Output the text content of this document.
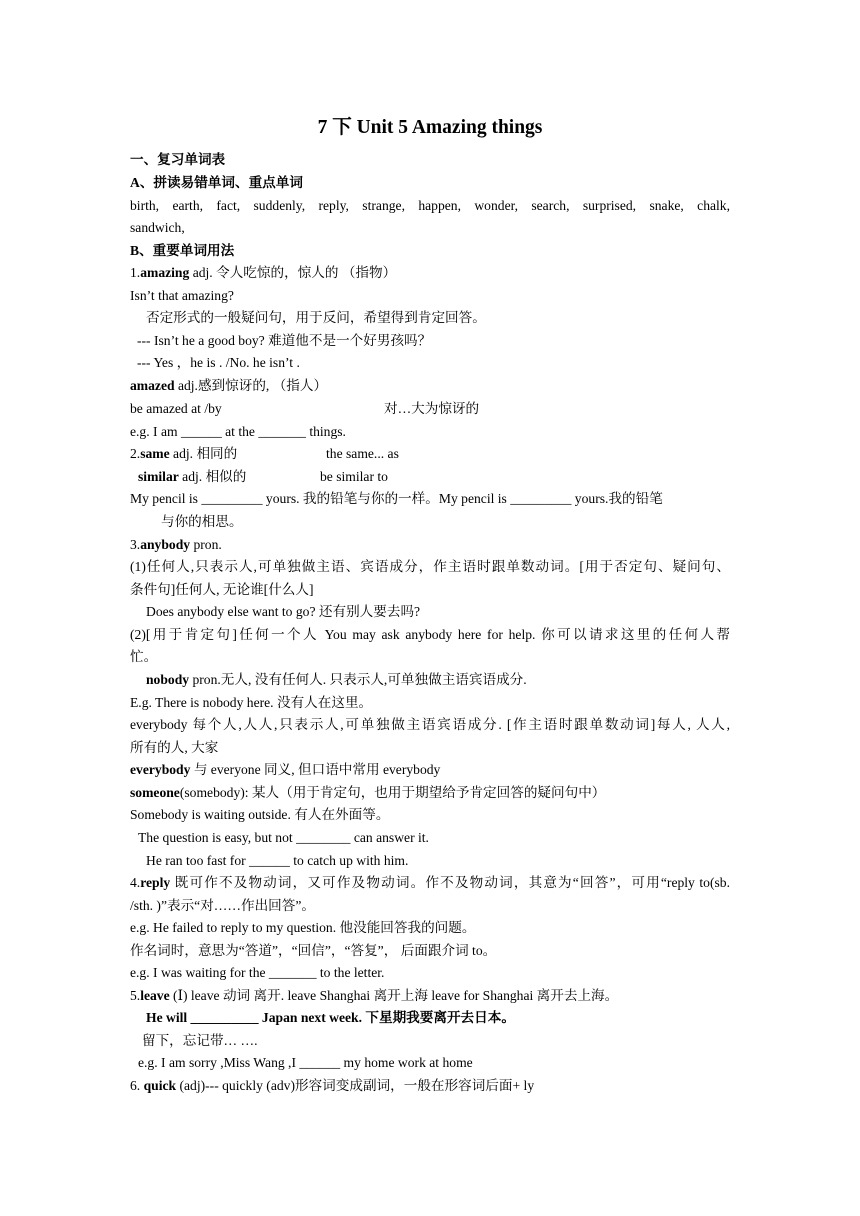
7 下 Unit 5 Amazing things
一、复习单词表
A、拼读易错单词、重点单词
birth, earth, fact, suddenly, reply, strange, happen, wonder, search, surprised, snake, chalk,
sandwich,
B、重要单词用法
1.amazing adj. 令人吃惊的，惊人的 （指物）
Isn’t that amazing?
否定形式的一般疑问句，用于反问，希望得到肯定回答。
--- Isn’t he a good boy? 难道他不是一个好男孩吗？
--- Yes ，he is . /No. he isn’t .
amazed adj.感到惊讶的, （指人）
be amazed at /by	对…大为惊讶的
e.g. I am ______ at the _______ things.
2.same adj. 相同的	the same... as
similar adj. 相似的	be similar to
My pencil is _________ yours. 我的铅笔与你的一样。My pencil is _________ yours.我的铅笔
与你的相思。
3.anybody pron.
(1)任何人,只表示人,可单独做主语、宾语成分，作主语时跟单数动词。[用于否定句、疑问句、
条件句]任何人, 无论谁[什么人]
Does anybody else want to go? 还有别人要去吗?
(2)[用于肯定句]任何一个人 You may ask anybody here for help. 你可以请求这里的任何人帮
忙。
nobody pron.无人, 没有任何人. 只表示人,可单独做主语宾语成分.
E.g. There is nobody here. 没有人在这里。
everybody 每个人,人人,只表示人,可单独做主语宾语成分. [作主语时跟单数动词]每人, 人人,
所有的人, 大家
everybody 与 everyone 同义, 但口语中常用 everybody
someone(somebody): 某人（用于肯定句，也用于期望给予肯定回答的疑问句中）
Somebody is waiting outside. 有人在外面等。
The question is easy, but not ________ can answer it.
He ran too fast for ______ to catch up with him.
4.reply 既可作不及物动词，又可作及物动词。作不及物动词，其意为“回答”，可用“reply to(sb.
/sth. )”表示“对……作出回答”。
e.g. He failed to reply to my question. 他没能回答我的问题。
作名词时，意思为“答道”，“回信”，“答复”， 后面跟介词 to。
e.g. I was waiting for the _______ to the letter.
5.leave (Ⅰ) leave 动词 离开. leave Shanghai 离开上海 leave for Shanghai 离开去上海。
He will __________ Japan next week. 下星期我要离开去日本。
留下，忘记带… ….
e.g. I am sorry ,Miss Wang ,I ______ my home work at home
6. quick (adj)--- quickly (adv)形容词变成副词，一般在形容词后面+ ly
